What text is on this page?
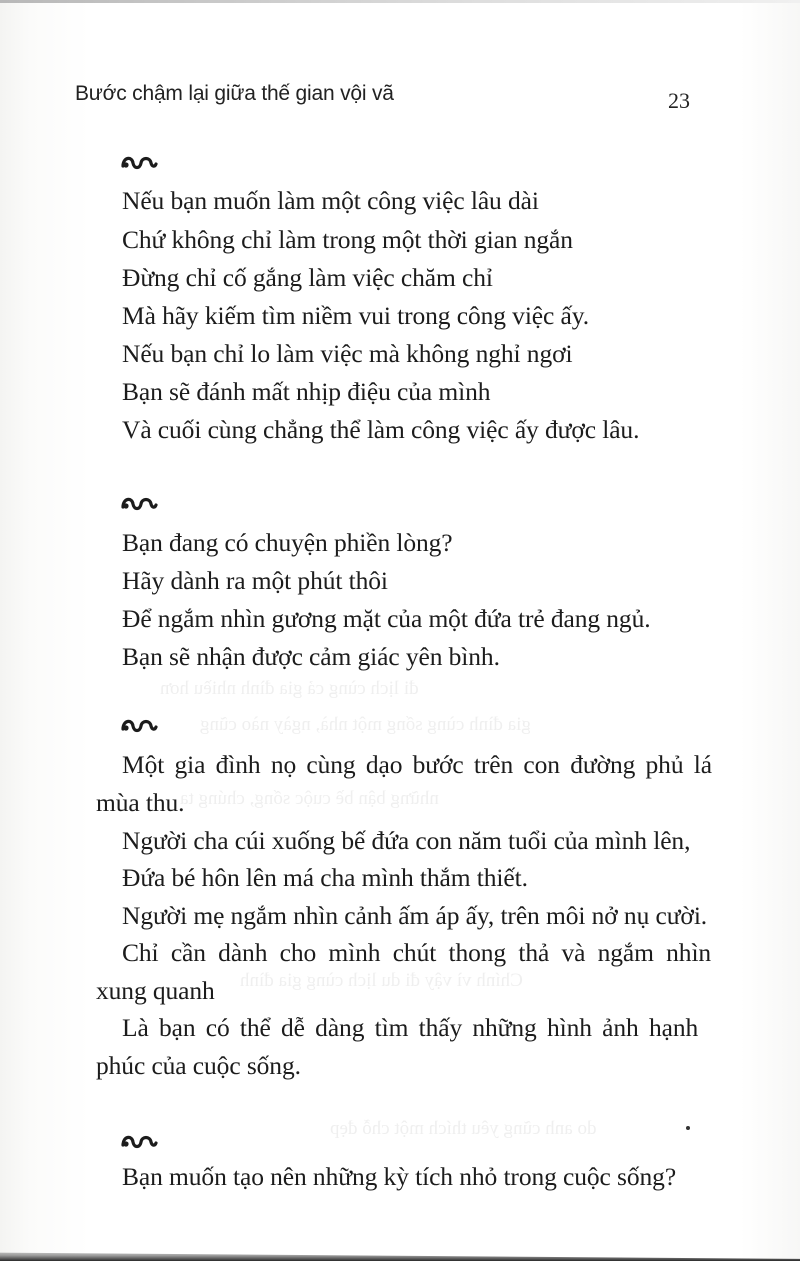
Bước chậm lại giữa thế gian vội vã	23
Nếu bạn muốn làm một công việc lâu dài
Chứ không chỉ làm trong một thời gian ngắn
Đừng chỉ cố gắng làm việc chăm chỉ
Mà hãy kiếm tìm niềm vui trong công việc ấy.
Nếu bạn chỉ lo làm việc mà không nghỉ ngơi
Bạn sẽ đánh mất nhịp điệu của mình
Và cuối cùng chẳng thể làm công việc ấy được lâu.
Bạn đang có chuyện phiền lòng?
Hãy dành ra một phút thôi
Để ngắm nhìn gương mặt của một đứa trẻ đang ngủ.
Bạn sẽ nhận được cảm giác yên bình.
đi lịch cùng cả gia đình nhiều hơn
gia đình cùng sống một nhà, ngày nào cũng
những bận bề cuộc sống, chúng ta
Chính vì vậy đi du lịch cùng gia đình
Một gia đình nọ cùng dạo bước trên con đường phủ lá
mùa thu.
Người cha cúi xuống bế đứa con năm tuổi của mình lên,
Đứa bé hôn lên má cha mình thắm thiết.
Người mẹ ngắm nhìn cảnh ấm áp ấy, trên môi nở nụ cười.
Chỉ cần dành cho mình chút thong thả và ngắm nhìn
xung quanh
Là bạn có thể dễ dàng tìm thấy những hình ảnh hạnh
phúc của cuộc sống.
do anh cũng yêu thích một chỗ đẹp
Bạn muốn tạo nên những kỳ tích nhỏ trong cuộc sống?
